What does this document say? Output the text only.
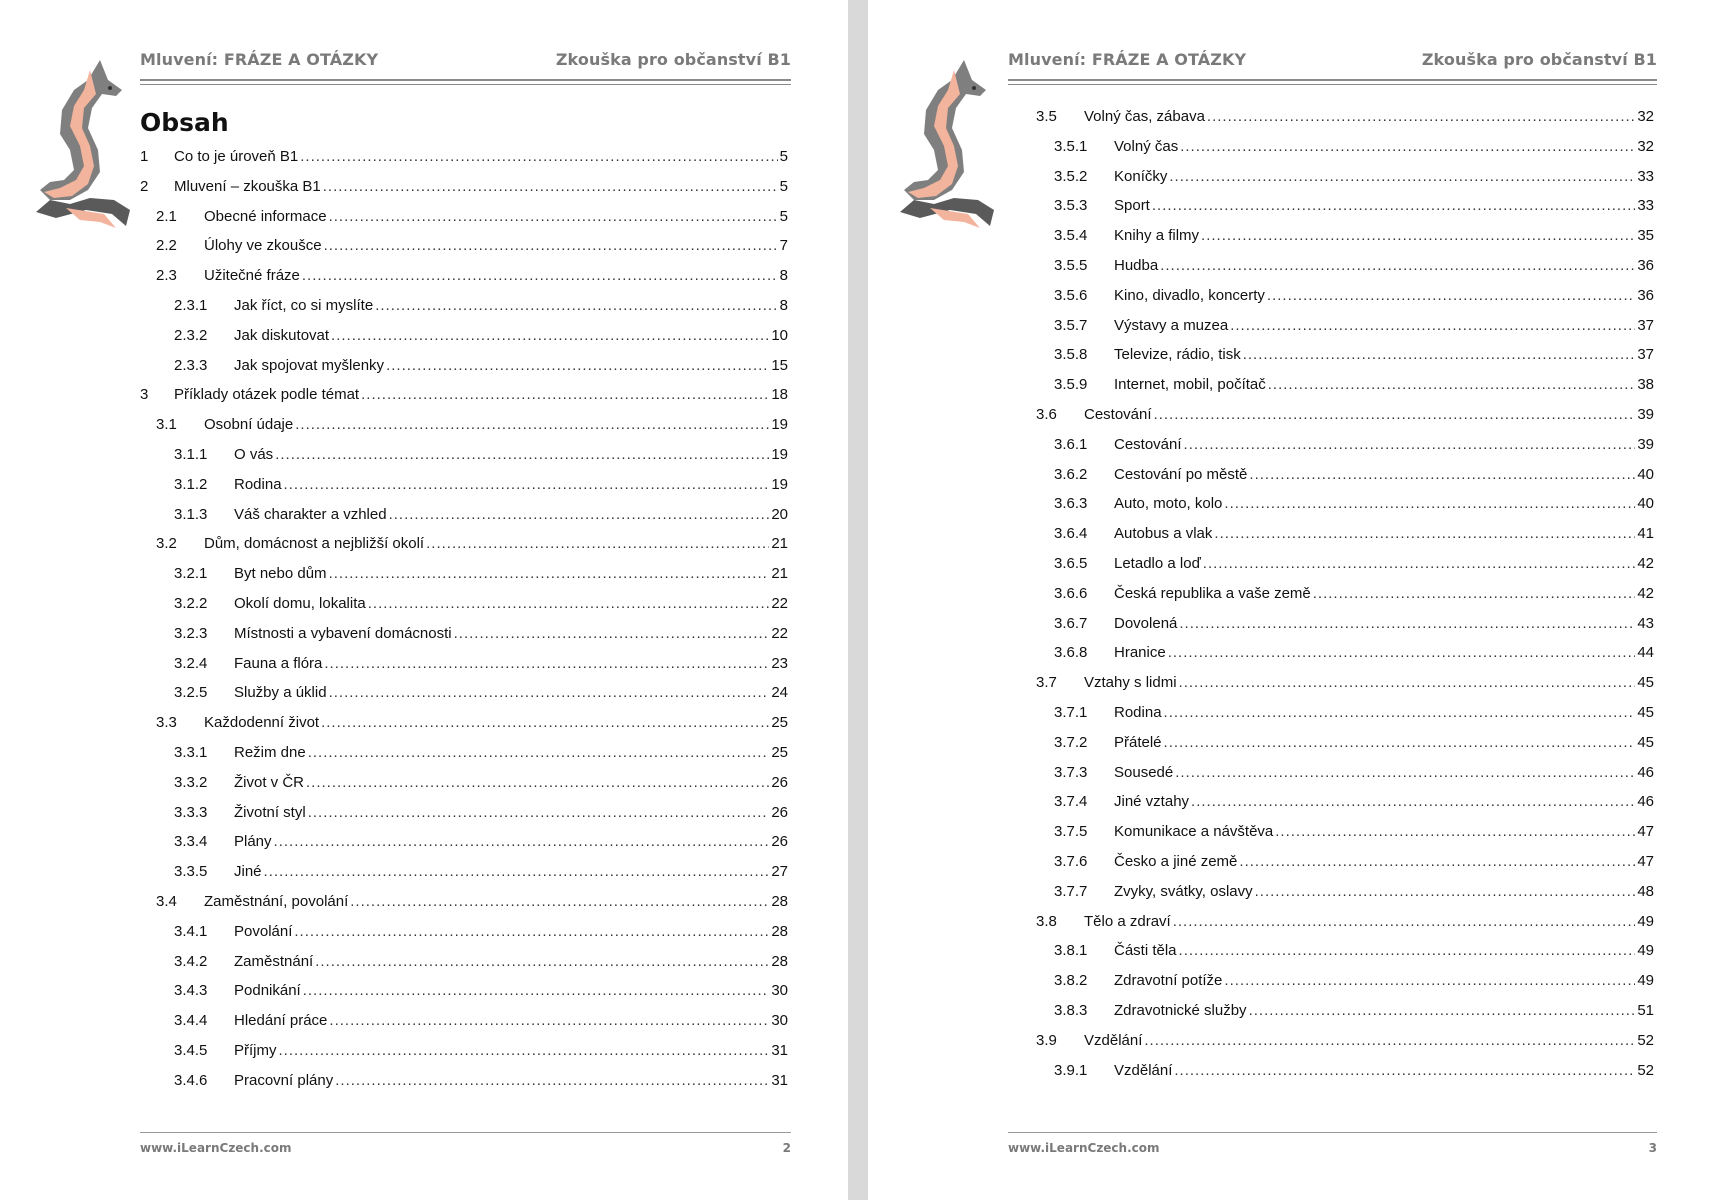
Mluvení: FRÁZE A OTÁZKY	Zkouška pro občanství B1
Obsah
1	Co to je úroveň B1 .....	5
2	Mluvení – zkouška B1 .....	5
2.1	Obecné informace .....	5
2.2	Úlohy ve zkoušce .....	7
2.3	Užitečné fráze .....	8
2.3.1	Jak říct, co si myslíte .....	8
2.3.2	Jak diskutovat .....	10
2.3.3	Jak spojovat myšlenky .....	15
3	Příklady otázek podle témat .....	18
3.1	Osobní údaje .....	19
3.1.1	O vás .....	19
3.1.2	Rodina .....	19
3.1.3	Váš charakter a vzhled .....	20
3.2	Dům, domácnost a nejbližší okolí .....	21
3.2.1	Byt nebo dům .....	21
3.2.2	Okolí domu, lokalita .....	22
3.2.3	Místnosti a vybavení domácnosti .....	22
3.2.4	Fauna a flóra .....	23
3.2.5	Služby a úklid .....	24
3.3	Každodenní život .....	25
3.3.1	Režim dne .....	25
3.3.2	Život v ČR .....	26
3.3.3	Životní styl .....	26
3.3.4	Plány .....	26
3.3.5	Jiné .....	27
3.4	Zaměstnání, povolání .....	28
3.4.1	Povolání .....	28
3.4.2	Zaměstnání .....	28
3.4.3	Podnikání .....	30
3.4.4	Hledání práce .....	30
3.4.5	Příjmy .....	31
3.4.6	Pracovní plány .....	31
www.iLearnCzech.com	2
Mluvení: FRÁZE A OTÁZKY	Zkouška pro občanství B1
3.5	Volný čas, zábava .....	32
3.5.1	Volný čas .....	32
3.5.2	Koníčky .....	33
3.5.3	Sport .....	33
3.5.4	Knihy a filmy .....	35
3.5.5	Hudba .....	36
3.5.6	Kino, divadlo, koncerty .....	36
3.5.7	Výstavy a muzea .....	37
3.5.8	Televize, rádio, tisk .....	37
3.5.9	Internet, mobil, počítač .....	38
3.6	Cestování .....	39
3.6.1	Cestování .....	39
3.6.2	Cestování po městě .....	40
3.6.3	Auto, moto, kolo .....	40
3.6.4	Autobus a vlak .....	41
3.6.5	Letadlo a loď .....	42
3.6.6	Česká republika a vaše země .....	42
3.6.7	Dovolená .....	43
3.6.8	Hranice .....	44
3.7	Vztahy s lidmi .....	45
3.7.1	Rodina .....	45
3.7.2	Přátelé .....	45
3.7.3	Sousedé .....	46
3.7.4	Jiné vztahy .....	46
3.7.5	Komunikace a návštěva .....	47
3.7.6	Česko a jiné země .....	47
3.7.7	Zvyky, svátky, oslavy .....	48
3.8	Tělo a zdraví .....	49
3.8.1	Části těla .....	49
3.8.2	Zdravotní potíže .....	49
3.8.3	Zdravotnické služby .....	51
3.9	Vzdělání .....	52
3.9.1	Vzdělání .....	52
www.iLearnCzech.com	3
